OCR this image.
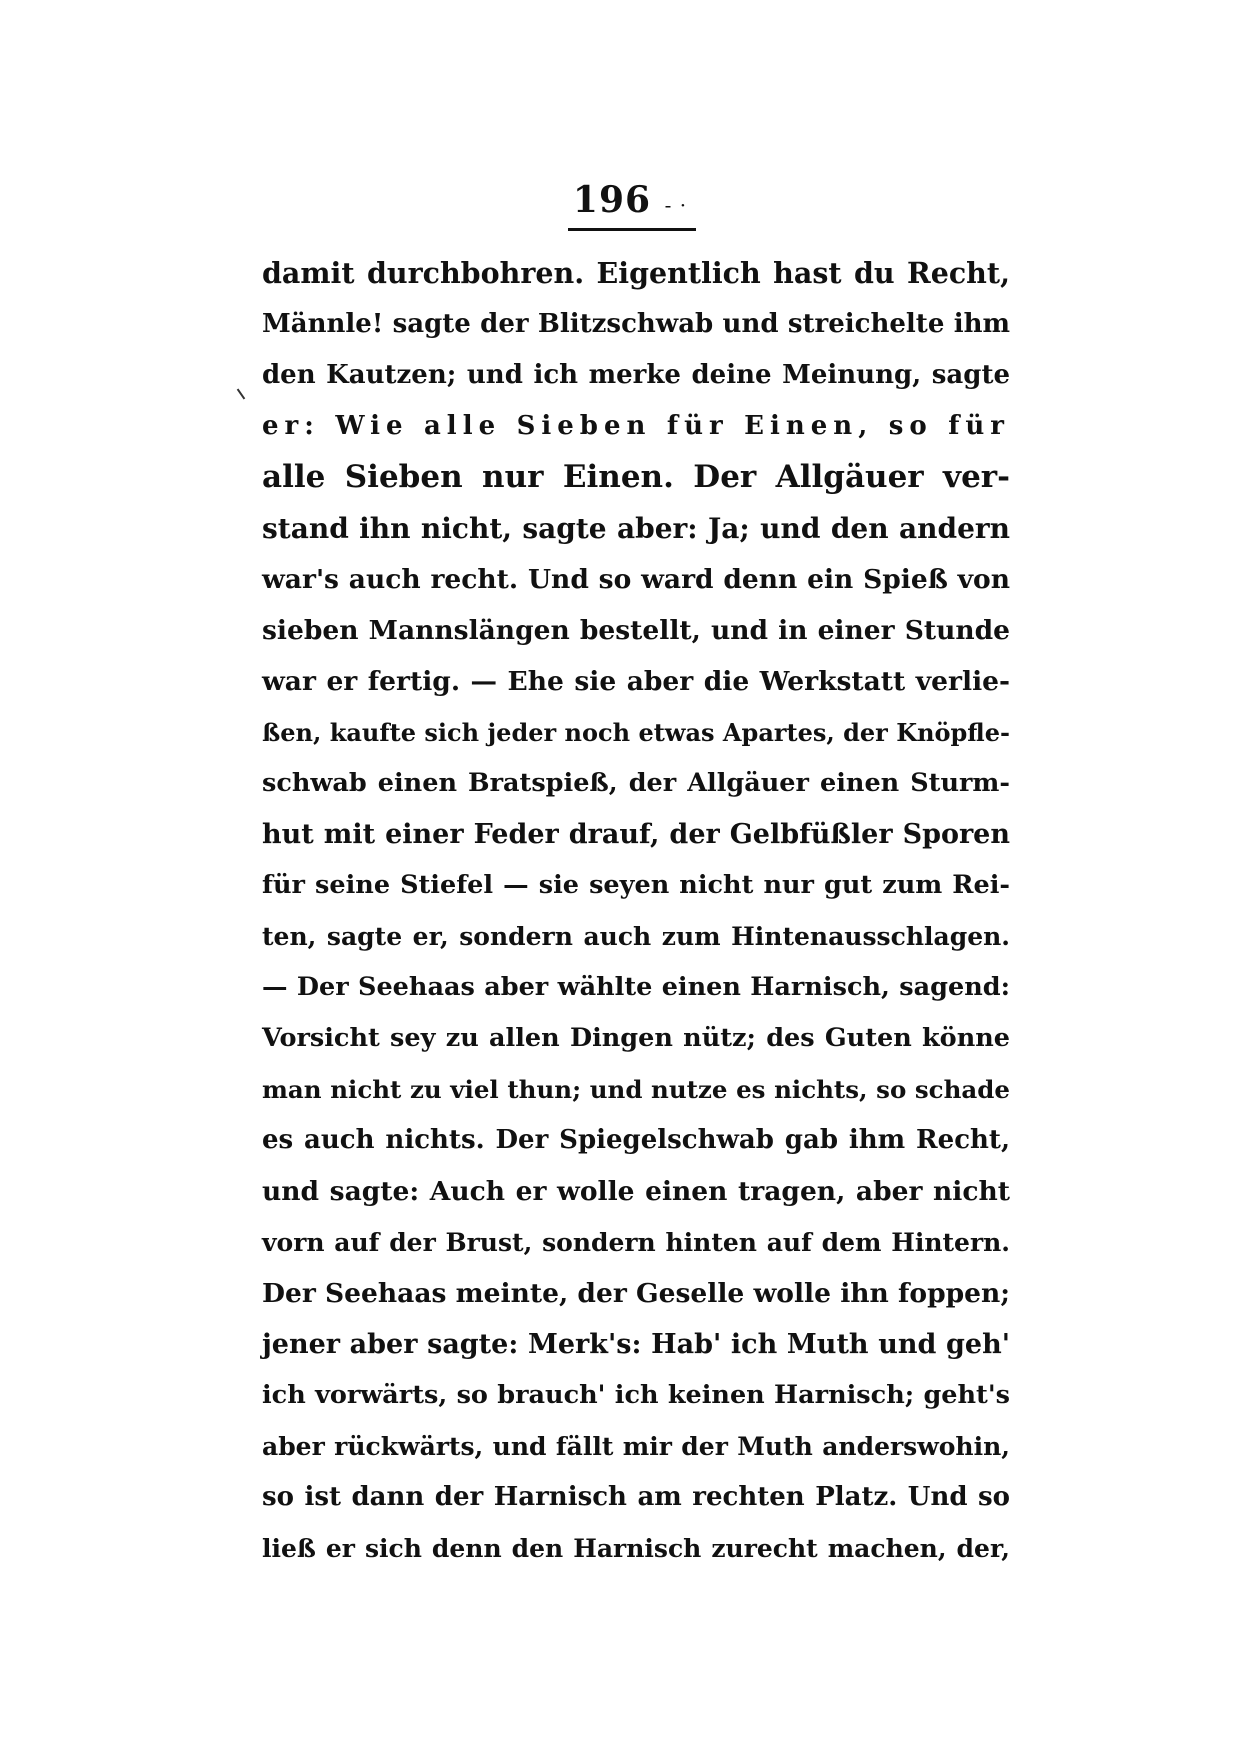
196 - ·
damit durchbohren. Eigentlich hast du Recht,
Männle! sagte der Blitzschwab und streichelte ihm
den Kautzen; und ich merke deine Meinung, sagte
er: Wie alle Sieben für Einen, so für
alle Sieben nur Einen. Der Allgäuer ver-
stand ihn nicht, sagte aber: Ja; und den andern
war's auch recht. Und so ward denn ein Spieß von
sieben Mannslängen bestellt, und in einer Stunde
war er fertig. — Ehe sie aber die Werkstatt verlie-
ßen, kaufte sich jeder noch etwas Apartes, der Knöpfle-
schwab einen Bratspieß, der Allgäuer einen Sturm-
hut mit einer Feder drauf, der Gelbfüßler Sporen
für seine Stiefel — sie seyen nicht nur gut zum Rei-
ten, sagte er, sondern auch zum Hintenausschlagen.
— Der Seehaas aber wählte einen Harnisch, sagend:
Vorsicht sey zu allen Dingen nütz; des Guten könne
man nicht zu viel thun; und nutze es nichts, so schade
es auch nichts. Der Spiegelschwab gab ihm Recht,
und sagte: Auch er wolle einen tragen, aber nicht
vorn auf der Brust, sondern hinten auf dem Hintern.
Der Seehaas meinte, der Geselle wolle ihn foppen;
jener aber sagte: Merk's: Hab' ich Muth und geh'
ich vorwärts, so brauch' ich keinen Harnisch; geht's
aber rückwärts, und fällt mir der Muth anderswohin,
so ist dann der Harnisch am rechten Platz. Und so
ließ er sich denn den Harnisch zurecht machen, der,
